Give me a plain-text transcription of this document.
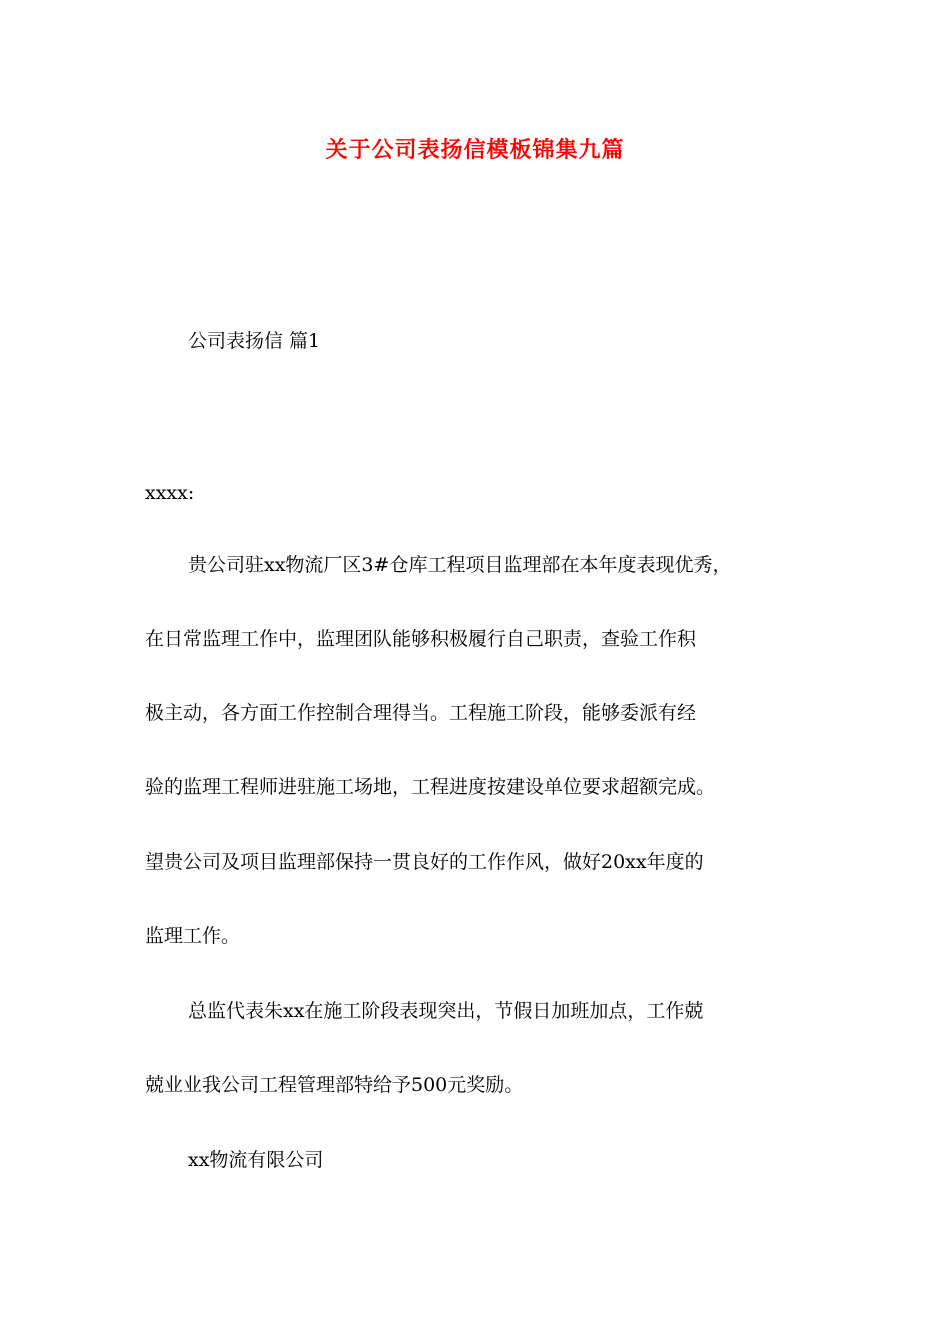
关于公司表扬信模板锦集九篇
公司表扬信 篇1
xxxx:
贵公司驻xx物流厂区3#仓库工程项目监理部在本年度表现优秀，
在日常监理工作中，监理团队能够积极履行自己职责，查验工作积
极主动，各方面工作控制合理得当。工程施工阶段，能够委派有经
验的监理工程师进驻施工场地，工程进度按建设单位要求超额完成。
望贵公司及项目监理部保持一贯良好的工作作风，做好20xx年度的
监理工作。
总监代表朱xx在施工阶段表现突出，节假日加班加点，工作兢
兢业业我公司工程管理部特给予500元奖励。
xx物流有限公司
